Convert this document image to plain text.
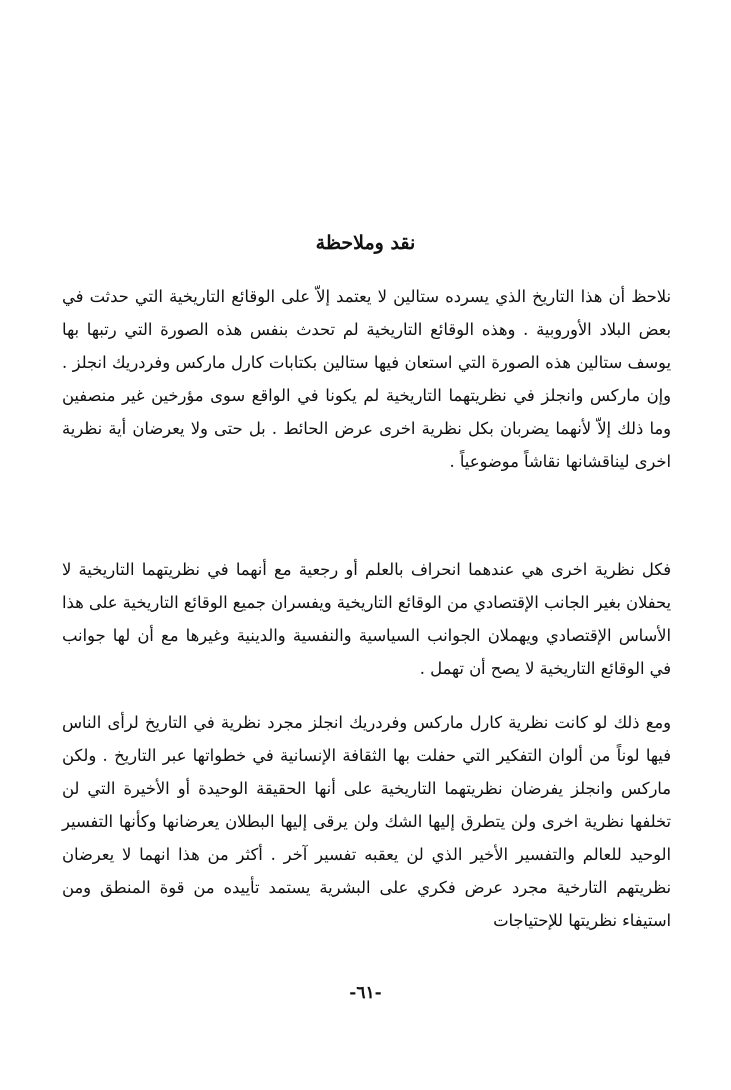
نقد وملاحظة

نلاحظ أن هذا التاريخ الذي يسرده ستالين لا يعتمد إلاّ على الوقائع التاريخية التي حدثت في بعض البلاد الأوروبية . وهذه الوقائع التاريخية لم تحدث بنفس هذه الصورة التي رتبها بها يوسف ستالين هذه الصورة التي استعان فيها ستالين بكتابات كارل ماركس وفردريك انجلز . وإن ماركس وانجلز في نظريتهما التاريخية لم يكونا في الواقع سوى مؤرخين غير منصفين وما ذلك إلاّ لأنهما يضربان بكل نظرية اخرى عرض الحائط . بل حتى ولا يعرضان أية نظرية اخرى ليناقشانها نقاشاً موضوعياً .

فكل نظرية اخرى هي عندهما انحراف بالعلم أو رجعية مع أنهما في نظريتهما التاريخية لا يحفلان بغير الجانب الإقتصادي من الوقائع التاريخية ويفسران جميع الوقائع التاريخية على هذا الأساس الإقتصادي ويهملان الجوانب السياسية والنفسية والدينية وغيرها مع أن لها جوانب في الوقائع التاريخية لا يصح أن تهمل .

ومع ذلك لو كانت نظرية كارل ماركس وفردريك انجلز مجرد نظرية في التاريخ لرأى الناس فيها لوناً من ألوان التفكير التي حفلت بها الثقافة الإنسانية في خطواتها عبر التاريخ . ولكن ماركس وانجلز يفرضان نظريتهما التاريخية على أنها الحقيقة الوحيدة أو الأخيرة التي لن تخلفها نظرية اخرى ولن يتطرق إليها الشك ولن يرقى إليها البطلان يعرضانها وكأنها التفسير الوحيد للعالم والتفسير الأخير الذي لن يعقبه تفسير آخر . أكثر من هذا انهما لا يعرضان نظريتهم التارخية مجرد عرض فكري على البشرية يستمد تأييده من قوة المنطق ومن استيفاء نظريتها للإحتياجات

-٦١-
